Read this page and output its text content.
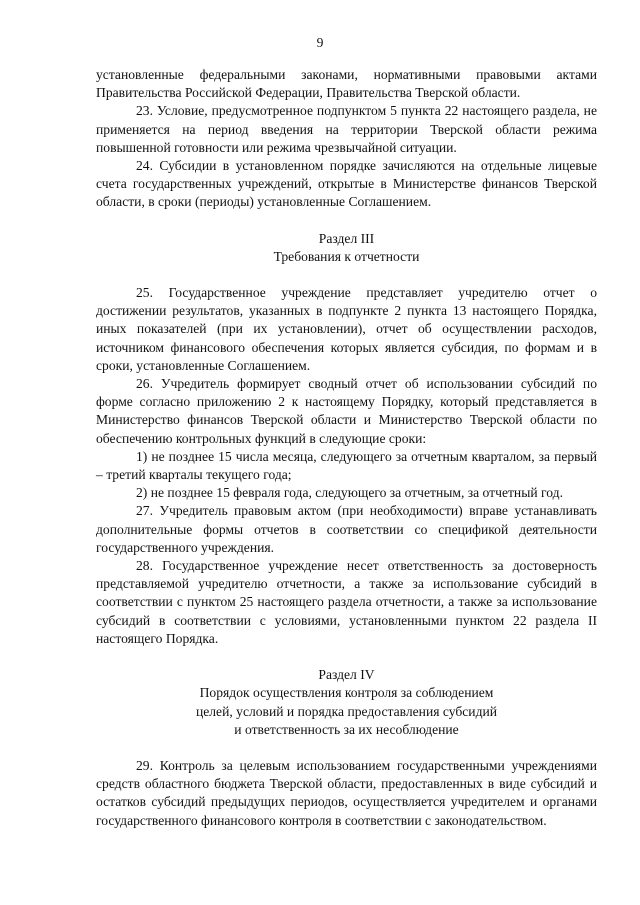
9

установленные федеральными законами, нормативными правовыми актами Правительства Российской Федерации, Правительства Тверской области.

23. Условие, предусмотренное подпунктом 5 пункта 22 настоящего раздела, не применяется на период введения на территории Тверской области режима повышенной готовности или режима чрезвычайной ситуации.

24. Субсидии в установленном порядке зачисляются на отдельные лицевые счета государственных учреждений, открытые в Министерстве финансов Тверской области, в сроки (периоды) установленные Соглашением.

Раздел III

Требования к отчетности

25. Государственное учреждение представляет учредителю отчет о достижении результатов, указанных в подпункте 2 пункта 13 настоящего Порядка, иных показателей (при их установлении), отчет об осуществлении расходов, источником финансового обеспечения которых является субсидия, по формам и в сроки, установленные Соглашением.

26. Учредитель формирует сводный отчет об использовании субсидий по форме согласно приложению 2 к настоящему Порядку, который представляется в Министерство финансов Тверской области и Министерство Тверской области по обеспечению контрольных функций в следующие сроки:

1) не позднее 15 числа месяца, следующего за отчетным кварталом, за первый – третий кварталы текущего года;

2) не позднее 15 февраля года, следующего за отчетным, за отчетный год.

27. Учредитель правовым актом (при необходимости) вправе устанавливать дополнительные формы отчетов в соответствии со спецификой деятельности государственного учреждения.

28. Государственное учреждение несет ответственность за достоверность представляемой учредителю отчетности, а также за использование субсидий в соответствии с пунктом 25 настоящего раздела отчетности, а также за использование субсидий в соответствии с условиями, установленными пунктом 22 раздела II настоящего Порядка.

Раздел IV

Порядок осуществления контроля за соблюдением

целей, условий и порядка предоставления субсидий

и ответственность за их несоблюдение

29. Контроль за целевым использованием государственными учреждениями средств областного бюджета Тверской области, предоставленных в виде субсидий и остатков субсидий предыдущих периодов, осуществляется учредителем и органами государственного финансового контроля в соответствии с законодательством.
